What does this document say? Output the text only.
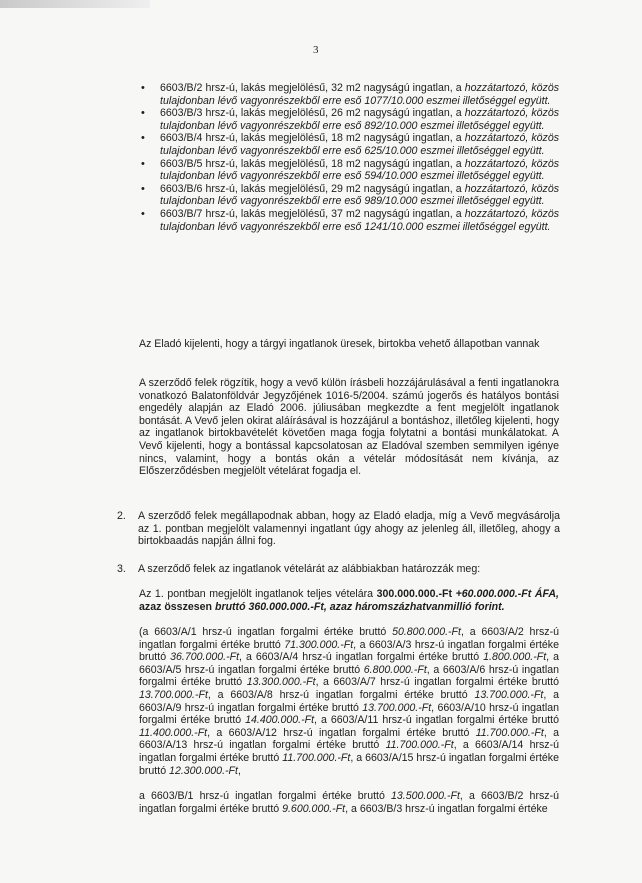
3
• 6603/B/2 hrsz-ú, lakás megjelölésű, 32 m2 nagyságú ingatlan, a hozzátartozó, közös tulajdonban lévő vagyonrészekből erre eső 1077/10.000 eszmei illetőséggel együtt.
• 6603/B/3 hrsz-ú, lakás megjelölésű, 26 m2 nagyságú ingatlan, a hozzátartozó, közös tulajdonban lévő vagyonrészekből erre eső 892/10.000 eszmei illetőséggel együtt.
• 6603/B/4 hrsz-ú, lakás megjelölésű, 18 m2 nagyságú ingatlan, a hozzátartozó, közös tulajdonban lévő vagyonrészekből erre eső 625/10.000 eszmei illetőséggel együtt.
• 6603/B/5 hrsz-ú, lakás megjelölésű, 18 m2 nagyságú ingatlan, a hozzátartozó, közös tulajdonban lévő vagyonrészekből erre eső 594/10.000 eszmei illetőséggel együtt.
• 6603/B/6 hrsz-ú, lakás megjelölésű, 29 m2 nagyságú ingatlan, a hozzátartozó, közös tulajdonban lévő vagyonrészekből erre eső 989/10.000 eszmei illetőséggel együtt.
• 6603/B/7 hrsz-ú, lakás megjelölésű, 37 m2 nagyságú ingatlan, a hozzátartozó, közös tulajdonban lévő vagyonrészekből erre eső 1241/10.000 eszmei illetőséggel együtt.
Az Eladó kijelenti, hogy a tárgyi ingatlanok üresek, birtokba vehető állapotban vannak
A szerződő felek rögzítik, hogy a vevő külön írásbeli hozzájárulásával a fenti ingatlanokra vonatkozó Balatonföldvár Jegyzőjének 1016-5/2004. számú jogerős és hatályos bontási engedély alapján az Eladó 2006. júliusában megkezdte a fent megjelölt ingatlanok bontását. A Vevő jelen okirat aláírásával is hozzájárul a bontáshoz, illetőleg kijelenti, hogy az ingatlanok birtokbavételét követően maga fogja folytatni a bontási munkálatokat. A Vevő kijelenti, hogy a bontással kapcsolatosan az Eladóval szemben semmilyen igénye nincs, valamint, hogy a bontás okán a vételár módosítását nem kívánja, az Előszerződésben megjelölt vételárat fogadja el.
2.	A szerződő felek megállapodnak abban, hogy az Eladó eladja, míg a Vevő megvásárolja az 1. pontban megjelölt valamennyi ingatlant úgy ahogy az jelenleg áll, illetőleg, ahogy a birtokbaadás napján állni fog.
3.	A szerződő felek az ingatlanok vételárát az alábbiakban határozzák meg:
Az 1. pontban megjelölt ingatlanok teljes vételára 300.000.000.-Ft +60.000.000.-Ft ÁFA, azaz összesen bruttó 360.000.000.-Ft, azaz háromszázhatvanmillió forint.
(a 6603/A/1 hrsz-ú ingatlan forgalmi értéke bruttó 50.800.000.-Ft, a 6603/A/2 hrsz-ú ingatlan forgalmi értéke bruttó 71.300.000.-Ft, a 6603/A/3 hrsz-ú ingatlan forgalmi értéke bruttó 36.700.000.-Ft, a 6603/A/4 hrsz-ú ingatlan forgalmi értéke bruttó 1.800.000.-Ft, a 6603/A/5 hrsz-ú ingatlan forgalmi értéke bruttó 6.800.000.-Ft, a 6603/A/6 hrsz-ú ingatlan forgalmi értéke bruttó 13.300.000.-Ft, a 6603/A/7 hrsz-ú ingatlan forgalmi értéke bruttó 13.700.000.-Ft, a 6603/A/8 hrsz-ú ingatlan forgalmi értéke bruttó 13.700.000.-Ft, a 6603/A/9 hrsz-ú ingatlan forgalmi értéke bruttó 13.700.000.-Ft, 6603/A/10 hrsz-ú ingatlan forgalmi értéke bruttó 14.400.000.-Ft, a 6603/A/11 hrsz-ú ingatlan forgalmi értéke bruttó 11.400.000.-Ft, a 6603/A/12 hrsz-ú ingatlan forgalmi értéke bruttó 11.700.000.-Ft, a 6603/A/13 hrsz-ú ingatlan forgalmi értéke bruttó 11.700.000.-Ft, a 6603/A/14 hrsz-ú ingatlan forgalmi értéke bruttó 11.700.000.-Ft, a 6603/A/15 hrsz-ú ingatlan forgalmi értéke bruttó 12.300.000.-Ft,
a 6603/B/1 hrsz-ú ingatlan forgalmi értéke bruttó 13.500.000.-Ft, a 6603/B/2 hrsz-ú ingatlan forgalmi értéke bruttó 9.600.000.-Ft, a 6603/B/3 hrsz-ú ingatlan forgalmi értéke
